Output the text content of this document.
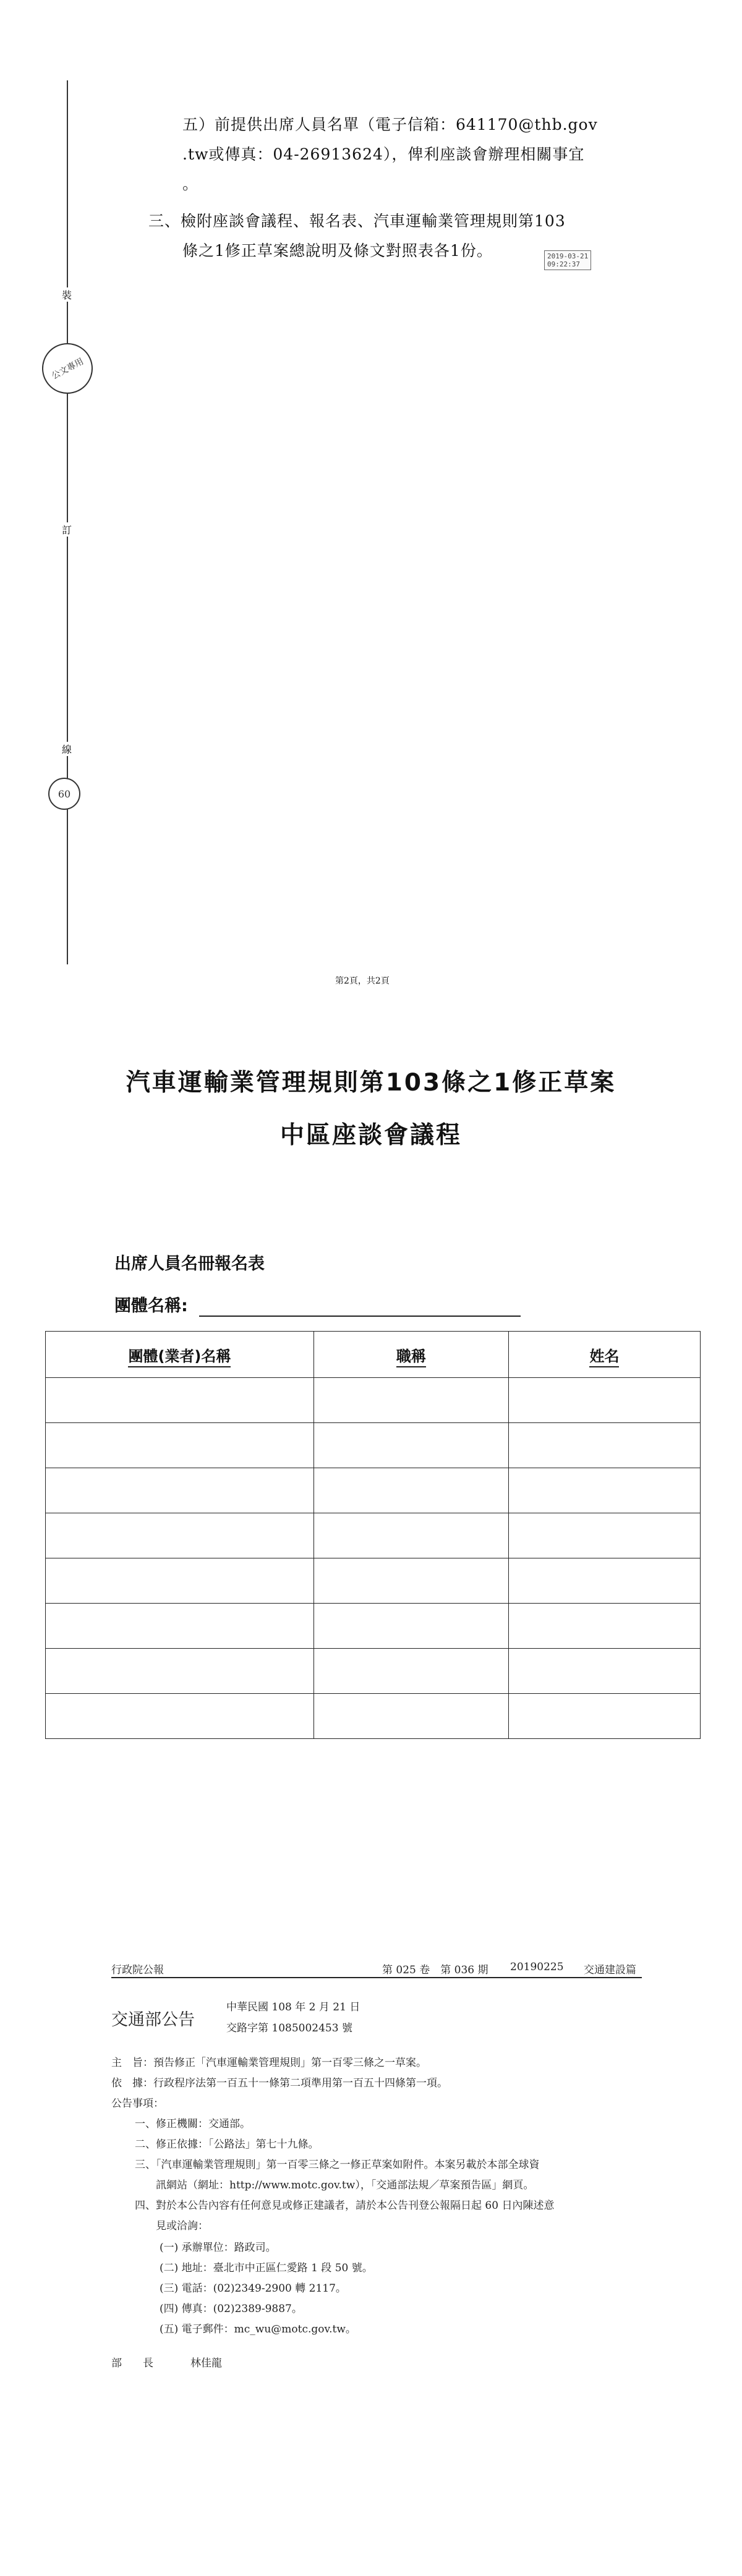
裝
訂
線
公文專用
60
五）前提供出席人員名單（電子信箱：641170@thb.gov
.tw或傳真：04-26913624），俾利座談會辦理相關事宜
。
三、檢附座談會議程、報名表、汽車運輸業管理規則第103
條之1修正草案總說明及條文對照表各1份。	2019-03-21
09:22:37
第2頁，共2頁
汽車運輸業管理規則第103條之1修正草案
中區座談會議程
出席人員名冊報名表
團體名稱:
團體(業者)名稱	職稱	姓名

行政院公報	第 025 卷　第 036 期 20190225 交通建設篇
交通部公告
中華民國 108 年 2 月 21 日
交路字第 1085002453 號
主　旨：預告修正「汽車運輸業管理規則」第一百零三條之一草案。
依　據：行政程序法第一百五十一條第二項準用第一百五十四條第一項。
公告事項：
一、修正機關：交通部。
二、修正依據：「公路法」第七十九條。
三、「汽車運輸業管理規則」第一百零三條之一修正草案如附件。本案另載於本部全球資
　　訊網站（網址：http://www.motc.gov.tw），「交通部法規／草案預告區」網頁。
四、對於本公告內容有任何意見或修正建議者，請於本公告刊登公報隔日起 60 日內陳述意
　　見或洽詢：
(一) 承辦單位：路政司。
(二) 地址：臺北市中正區仁愛路 1 段 50 號。
(三) 電話：(02)2349-2900 轉 2117。
(四) 傳真：(02)2389-9887。
(五) 電子郵件：mc_wu@motc.gov.tw。
部　　長	林佳龍
